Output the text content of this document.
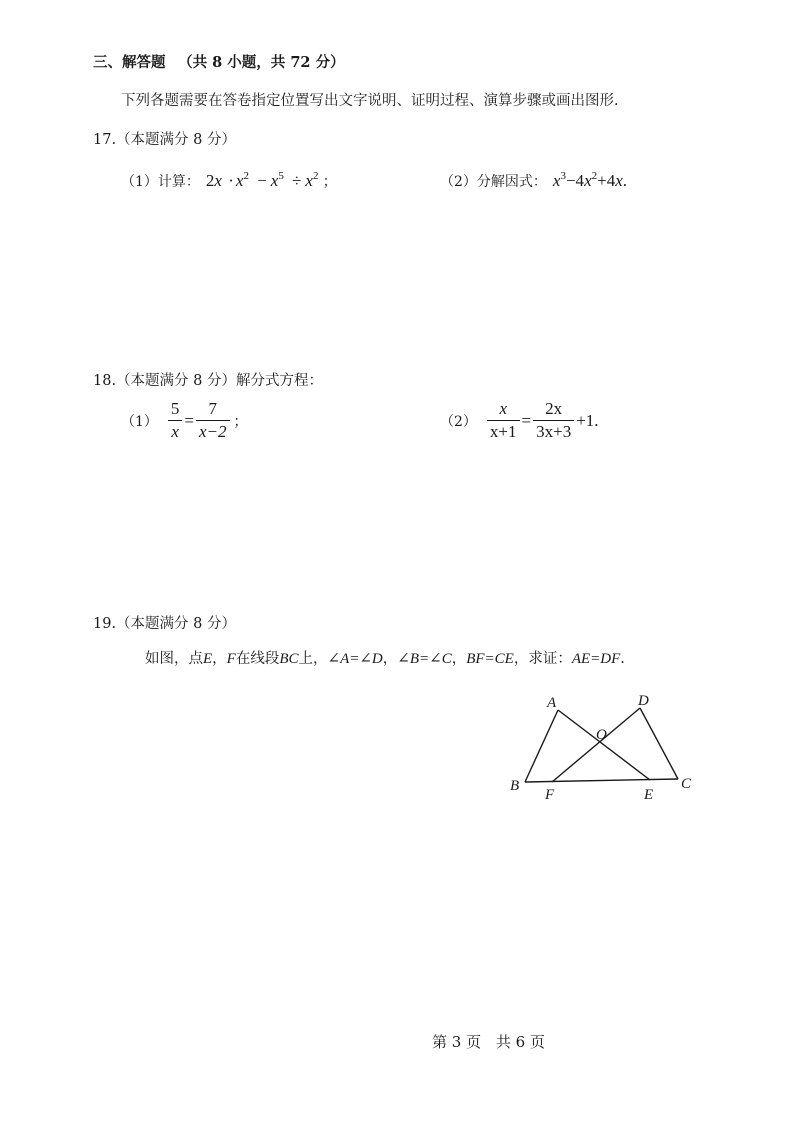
三、解答题 （共 8 小题，共 72 分）
下列各题需要在答卷指定位置写出文字说明、证明过程、演算步骤或画出图形.
17.（本题满分 8 分）
（1）计算： $2x \cdot x^2 - x^5 \div x^2$ ；	（2）分解因式： $x^3-4x^2+4x$.
18.（本题满分 8 分）解分式方程：
$(1) \frac{5}{x} = \frac{7}{x-2}$ ；	$(2) \frac{x}{x+1} = \frac{2x}{3x+3} +1$.
19.（本题满分 8 分）
如图，点E，F在线段BC上，∠A=∠D，∠B=∠C，BF=CE，求证：AE=DF.
A	D
O
B
F	E
C
第 3 页 共 6 页
